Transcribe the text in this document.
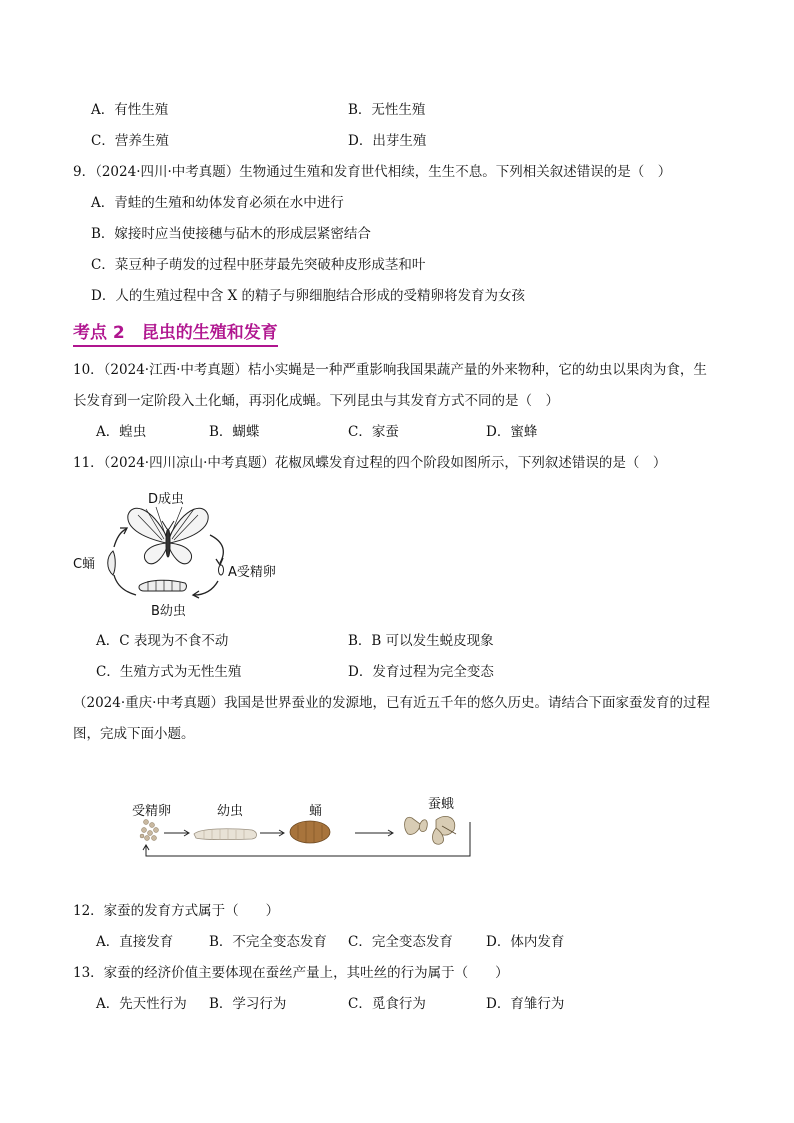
A．有性生殖	B．无性生殖
C．营养生殖	D．出芽生殖
9．（2024·四川·中考真题）生物通过生殖和发育世代相续，生生不息。下列相关叙述错误的是（　）
A．青蛙的生殖和幼体发育必须在水中进行
B．嫁接时应当使接穗与砧木的形成层紧密结合
C．菜豆种子萌发的过程中胚芽最先突破种皮形成茎和叶
D．人的生殖过程中含 X 的精子与卵细胞结合形成的受精卵将发育为女孩
考点 2　昆虫的生殖和发育
10．（2024·江西·中考真题）桔小实蝇是一种严重影响我国果蔬产量的外来物种，它的幼虫以果肉为食，生
长发育到一定阶段入土化蛹，再羽化成蝇。下列昆虫与其发育方式不同的是（　）
A．蝗虫	B．蝴蝶	C．家蚕	D．蜜蜂
11．（2024·四川凉山·中考真题）花椒凤蝶发育过程的四个阶段如图所示，下列叙述错误的是（　）
D成虫
A受精卵
B幼虫
C蛹
A．C 表现为不食不动	B．B 可以发生蜕皮现象
C．生殖方式为无性生殖	D．发育过程为完全变态
（2024·重庆·中考真题）我国是世界蚕业的发源地，已有近五千年的悠久历史。请结合下面家蚕发育的过程
图，完成下面小题。
受精卵	幼虫	蛹	蚕蛾
12．家蚕的发育方式属于（　　）
A．直接发育	B．不完全变态发育 C．完全变态发育 D．体内发育
13．家蚕的经济价值主要体现在蚕丝产量上，其吐丝的行为属于（　　）
A．先天性行为 B．学习行为	C．觅食行为	D．育雏行为
